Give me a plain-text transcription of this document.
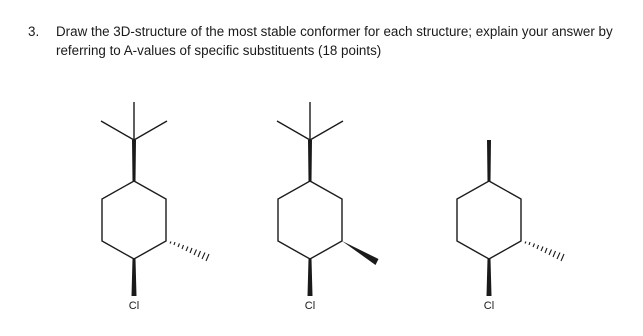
3. Draw the 3D-structure of the most stable conformer for each structure; explain your answer by
referring to A-values of specific substituents (18 points)
Cl	Cl	Cl
